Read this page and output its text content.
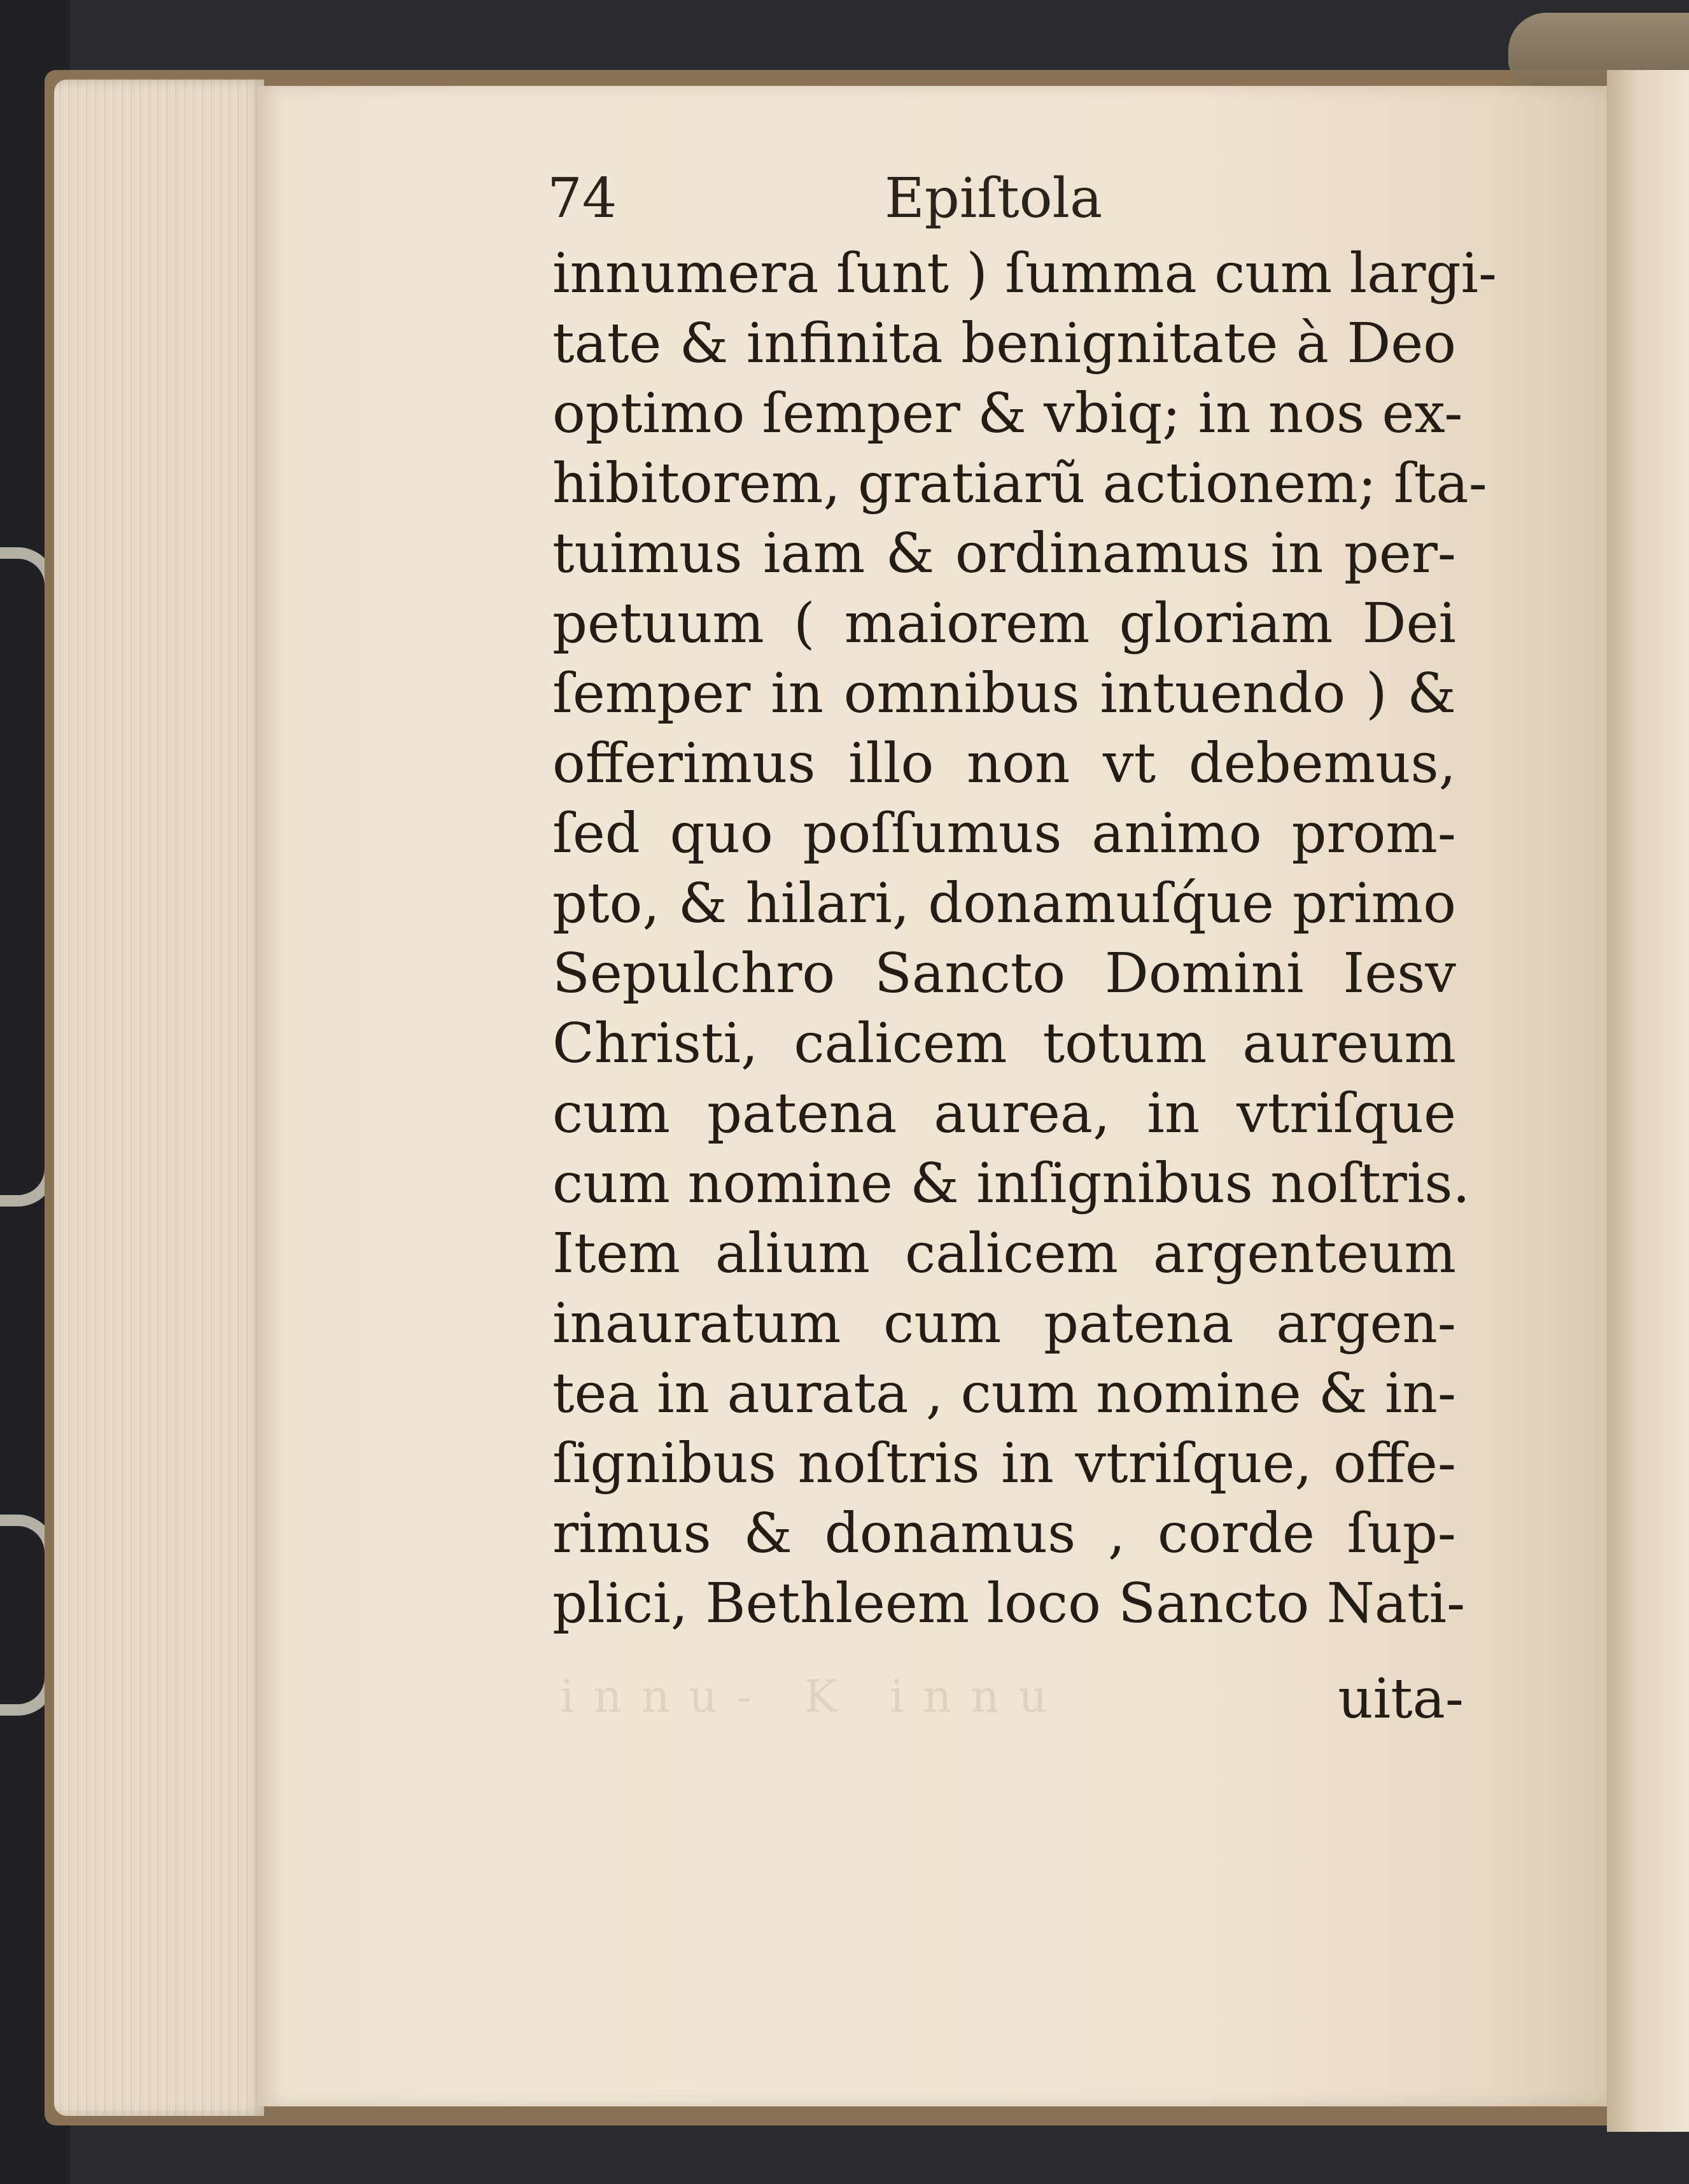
74	Epiſtola
innu- K innu
innumera ſunt ) ſumma cum largi-
tate & infinita benignitate à Deo
optimo ſemper & vbiq; in nos ex-
hibitorem, gratiarũ actionem; ſta-
tuimus iam & ordinamus in per-
petuum ( maiorem gloriam Dei
ſemper in omnibus intuendo ) &
offerimus illo non vt debemus,
ſed quo poſſumus animo prom-
pto, & hilari, donamuſq́ue primo
Sepulchro Sancto Domini Iesv
Christi, calicem totum aureum
cum patena aurea, in vtriſque
cum nomine & inſignibus noſtris.
Item alium calicem argenteum
inauratum cum patena argen-
tea in aurata , cum nomine & in-
ſignibus noſtris in vtriſque, offe-
rimus & donamus , corde ſup-
plici, Bethleem loco Sancto Nati-
uita-
